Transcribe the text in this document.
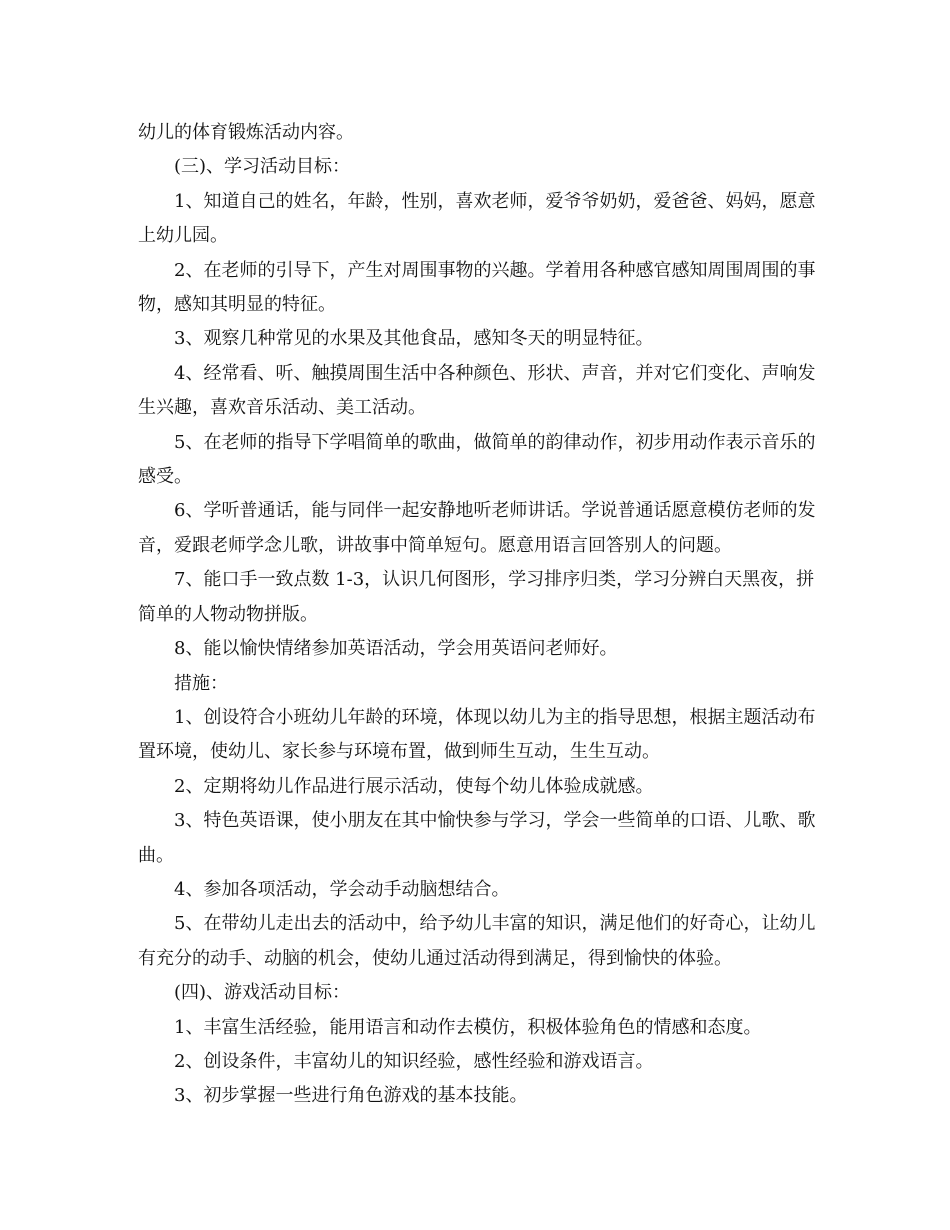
幼儿的体育锻炼活动内容。

(三)、学习活动目标：

1、知道自己的姓名，年龄，性别，喜欢老师，爱爷爷奶奶，爱爸爸、妈妈，愿意上幼儿园。

2、在老师的引导下，产生对周围事物的兴趣。学着用各种感官感知周围周围的事物，感知其明显的特征。

3、观察几种常见的水果及其他食品，感知冬天的明显特征。

4、经常看、听、触摸周围生活中各种颜色、形状、声音，并对它们变化、声响发生兴趣，喜欢音乐活动、美工活动。

5、在老师的指导下学唱简单的歌曲，做简单的韵律动作，初步用动作表示音乐的感受。

6、学听普通话，能与同伴一起安静地听老师讲话。学说普通话愿意模仿老师的发音，爱跟老师学念儿歌，讲故事中简单短句。愿意用语言回答别人的问题。

7、能口手一致点数 1-3，认识几何图形，学习排序归类，学习分辨白天黑夜，拼简单的人物动物拼版。

8、能以愉快情绪参加英语活动，学会用英语问老师好。

措施：

1、创设符合小班幼儿年龄的环境，体现以幼儿为主的指导思想，根据主题活动布置环境，使幼儿、家长参与环境布置，做到师生互动，生生互动。

2、定期将幼儿作品进行展示活动，使每个幼儿体验成就感。

3、特色英语课，使小朋友在其中愉快参与学习，学会一些简单的口语、儿歌、歌曲。

4、参加各项活动，学会动手动脑想结合。

5、在带幼儿走出去的活动中，给予幼儿丰富的知识，满足他们的好奇心，让幼儿有充分的动手、动脑的机会，使幼儿通过活动得到满足，得到愉快的体验。

(四)、游戏活动目标：

1、丰富生活经验，能用语言和动作去模仿，积极体验角色的情感和态度。

2、创设条件，丰富幼儿的知识经验，感性经验和游戏语言。

3、初步掌握一些进行角色游戏的基本技能。
